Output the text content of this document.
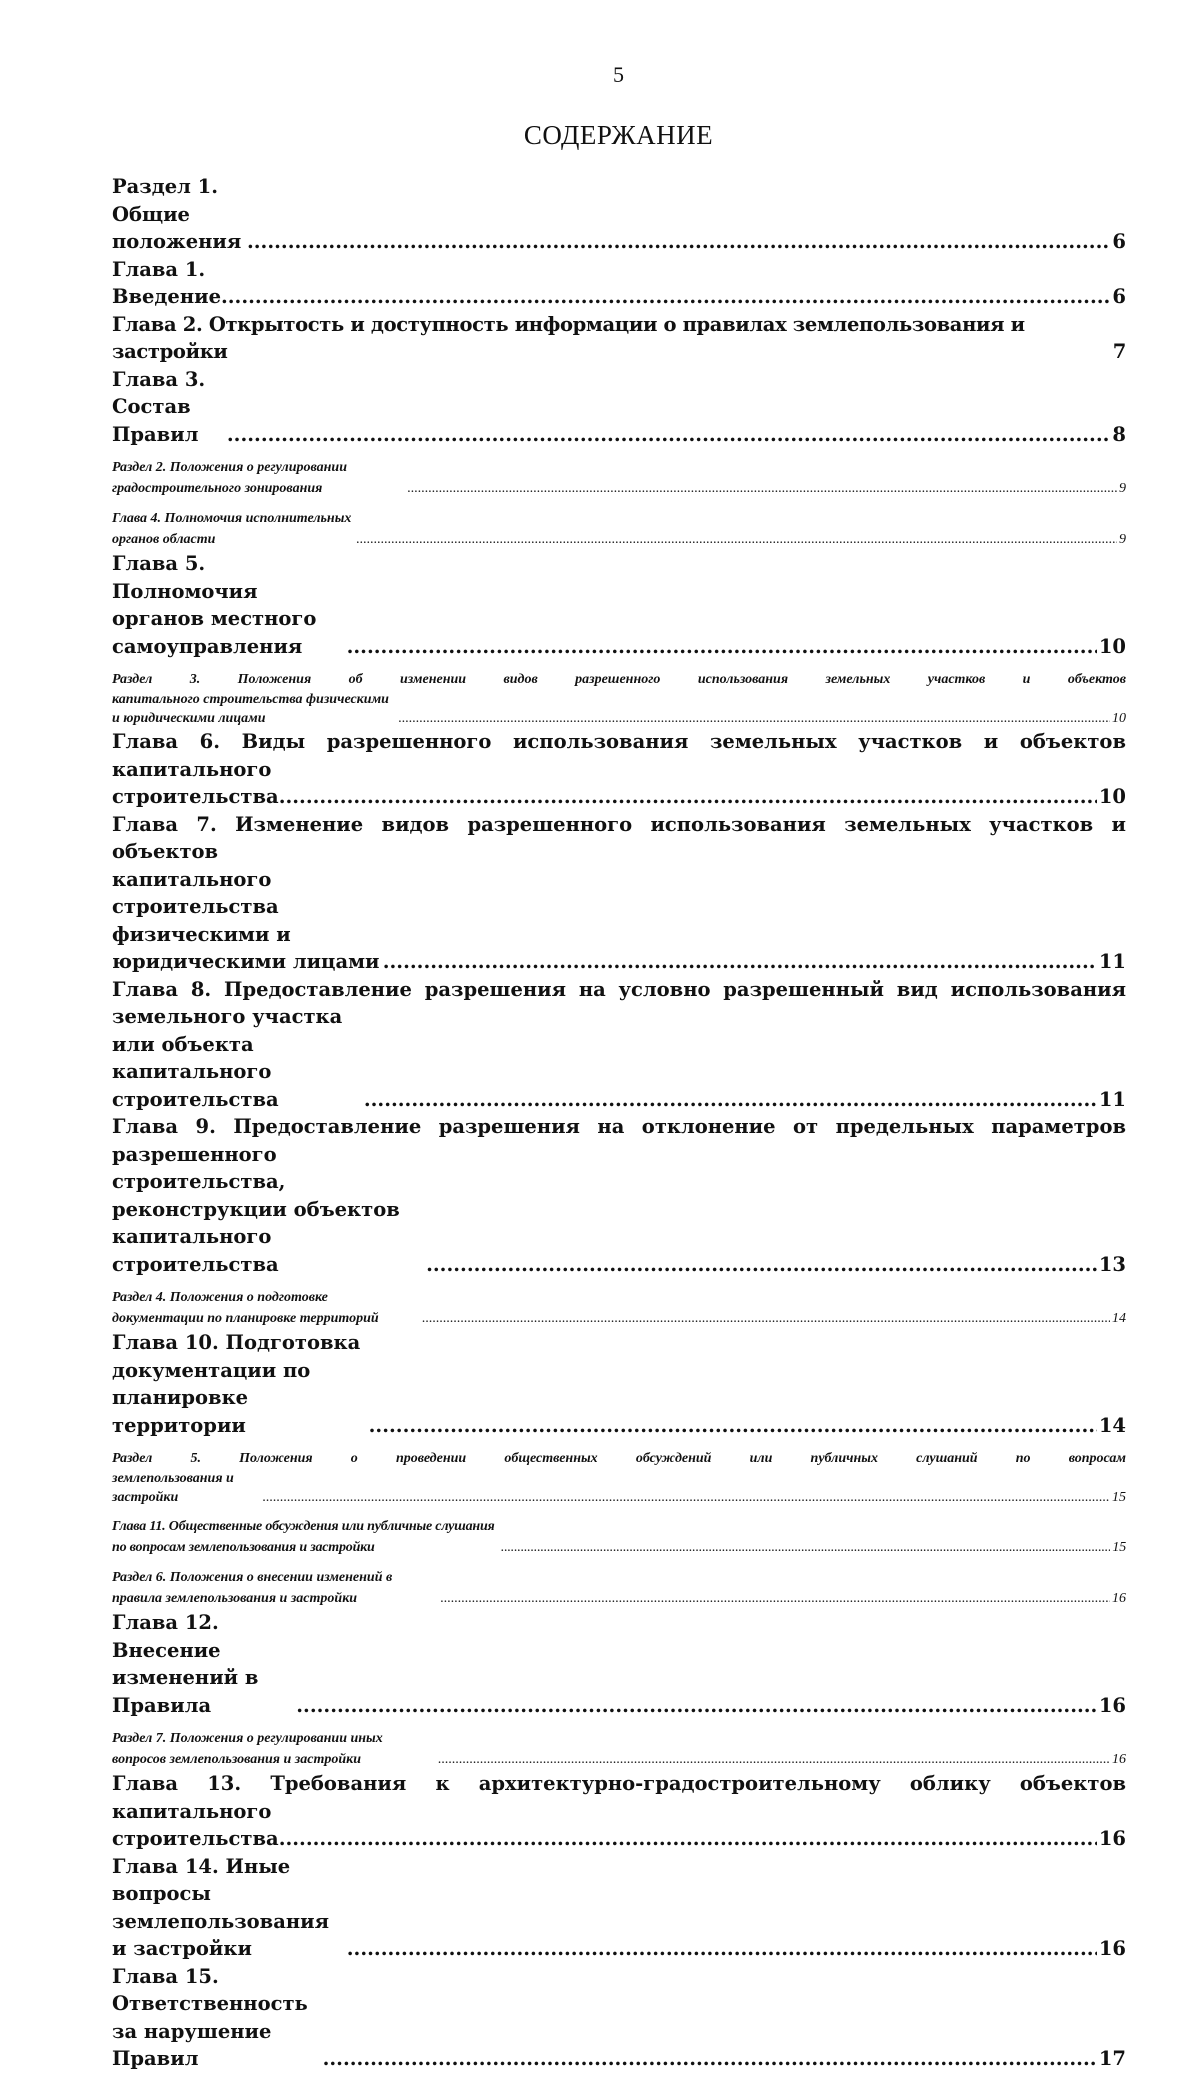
5
СОДЕРЖАНИЕ
Раздел 1. Общие положения .....	6
Глава 1. Введение .....	6
Глава 2. Открытость и доступность информации о правилах землепользования и застройки	7
Глава 3. Состав Правил .....	8
Раздел 2. Положения о регулировании градостроительного зонирования .....	9
Глава 4. Полномочия исполнительных органов области .....	9
Глава 5. Полномочия органов местного самоуправления .....	10
Раздел 3. Положения об изменении видов разрешенного использования земельных участков и объектов
капитального строительства физическими и юридическими лицами .....	10
Глава 6. Виды разрешенного использования земельных участков и объектов капитального
строительства .....	10
Глава 7. Изменение видов разрешенного использования земельных участков и объектов
капитального строительства физическими и юридическими лицами .....	11
Глава 8. Предоставление разрешения на условно разрешенный вид использования
земельного участка или объекта капитального строительства .....	11
Глава 9. Предоставление разрешения на отклонение от предельных параметров
разрешенного строительства, реконструкции объектов капитального строительства .....	13
Раздел 4. Положения о подготовке документации по планировке территорий .....	14
Глава 10. Подготовка документации по планировке территории .....	14
Раздел 5. Положения о проведении общественных обсуждений или публичных слушаний по вопросам
землепользования и застройки .....	15
Глава 11. Общественные обсуждения или публичные слушания по вопросам землепользования и застройки .....	15
Раздел 6. Положения о внесении изменений в правила землепользования и застройки .....	16
Глава 12. Внесение изменений в Правила .....	16
Раздел 7. Положения о регулировании иных вопросов землепользования и застройки .....	16
Глава 13. Требования к архитектурно-градостроительному облику объектов капитального
строительства .....	16
Глава 14. Иные вопросы землепользования и застройки .....	16
Глава 15. Ответственность за нарушение Правил .....	17
